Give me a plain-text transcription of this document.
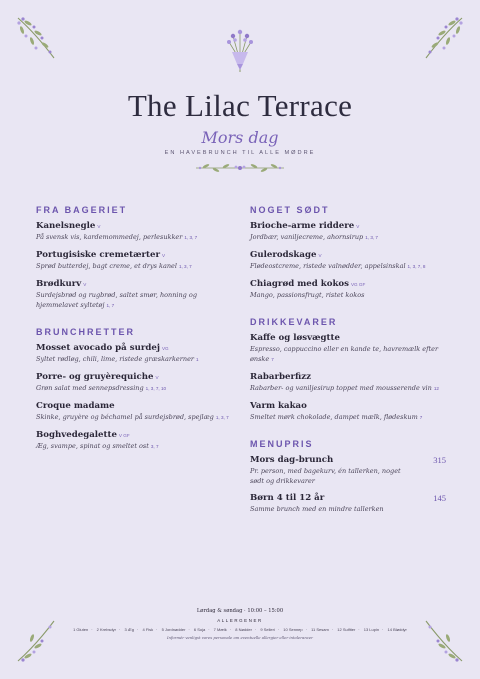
The Lilac Terrace
Mors dag
EN HAVEBRUNCH TIL ALLE MØDRE
FRA BAGERIET
Kanelsnegle V
På svensk vis, kardemommedej, perlesukker 1, 3, 7
Portugisiske cremetærter V
Sprød butterdej, bagt creme, et drys kanel 1, 3, 7
Brødkurv V
Surdejsbrød og rugbrød, saltet smør, honning og hjemmelavet syltetøj 1, 7
BRUNCHRETTER
Mosset avocado på surdej VG
Syltet rødløg, chili, lime, ristede græskarkerner 1
Porre- og gruyèrequiche V
Grøn salat med sennepsdressing 1, 3, 7, 10
Croque madame
Skinke, gruyère og béchamel på surdejsbrød, spejlæg 1, 3, 7
Boghvedegalette V GF
Æg, svampe, spinat og smeltet ost 3, 7
NOGET SØDT
Brioche-arme riddere V
Jordbær, vaniljecreme, ahornsirup 1, 3, 7
Gulerodskage V
Flødeostcreme, ristede valnødder, appelsinskal 1, 3, 7, 8
Chiagrød med kokos VG GF
Mango, passionsfrugt, ristet kokos
DRIKKEVARER
Kaffe og løsvægtte
Espresso, cappuccino eller en kande te, havremælk efter ønske 7
Rabarberfizz
Rabarber- og vaniljesirup toppet med mousserende vin 12
Varm kakao
Smeltet mørk chokolade, dampet mælk, flødeskum 7
MENUPRIS
Mors dag-brunch	315
Pr. person, med bagekurv, én tallerken, noget sødt og drikkevarer
Børn 4 til 12 år	145
Samme brunch med en mindre tallerken
Lørdag & søndag · 10:00 – 15:00
ALLERGENER
1 Gluten · 2 Krebsdyr · 3 Æg · 4 Fisk · 5 Jordnødder · 6 Soja · 7 Mælk · 8 Nødder · 9 Selleri · 10 Sennep · 11 Sesam · 12 Sulfiter · 13 Lupin · 14 Bløddyr
Informér venligst vores personale om eventuelle allergier eller intolerancer
